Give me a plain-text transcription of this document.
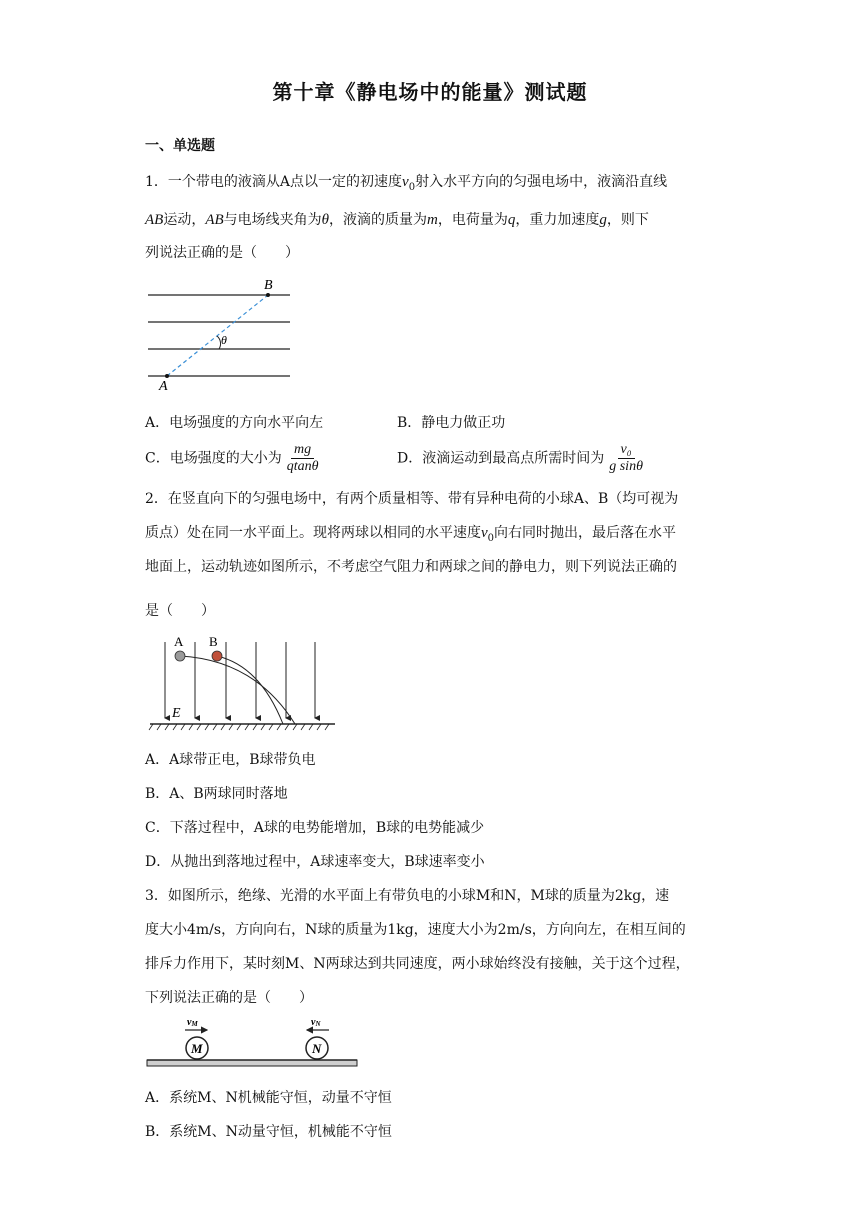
第十章《静电场中的能量》测试题
一、单选题
1．一个带电的液滴从A点以一定的初速度$v_0$射入水平方向的匀强电场中，液滴沿直线
AB运动，AB与电场线夹角为θ，液滴的质量为m，电荷量为q，重力加速度g，则下
列说法正确的是（　　）
A
B
θ
A．电场强度的方向水平向左	B．静电力做正功
C．电场强度的大小为 $\frac{mg}{qtan\theta}$	D．液滴运动到最高点所需时间为 $\frac{\text{v₀}}{\text{g sinθ}}$
2．在竖直向下的匀强电场中，有两个质量相等、带有异种电荷的小球A、B（均可视为
质点）处在同一水平面上。现将两球以相同的水平速度$v_0$向右同时抛出，最后落在水平
地面上，运动轨迹如图所示，不考虑空气阻力和两球之间的静电力，则下列说法正确的
是（　　）
A B
E
A．A球带正电，B球带负电
B．A、B两球同时落地
C．下落过程中，A球的电势能增加，B球的电势能减少
D．从抛出到落地过程中，A球速率变大，B球速率变小
3．如图所示，绝缘、光滑的水平面上有带负电的小球M和N，M球的质量为2kg，速
度大小4m/s，方向向右，N球的质量为1kg，速度大小为2m/s，方向向左，在相互间的
排斥力作用下，某时刻M、N两球达到共同速度，两小球始终没有接触，关于这个过程，
下列说法正确的是（　　）
M	N
vM	vN
A．系统M、N机械能守恒，动量不守恒
B．系统M、N动量守恒，机械能不守恒
